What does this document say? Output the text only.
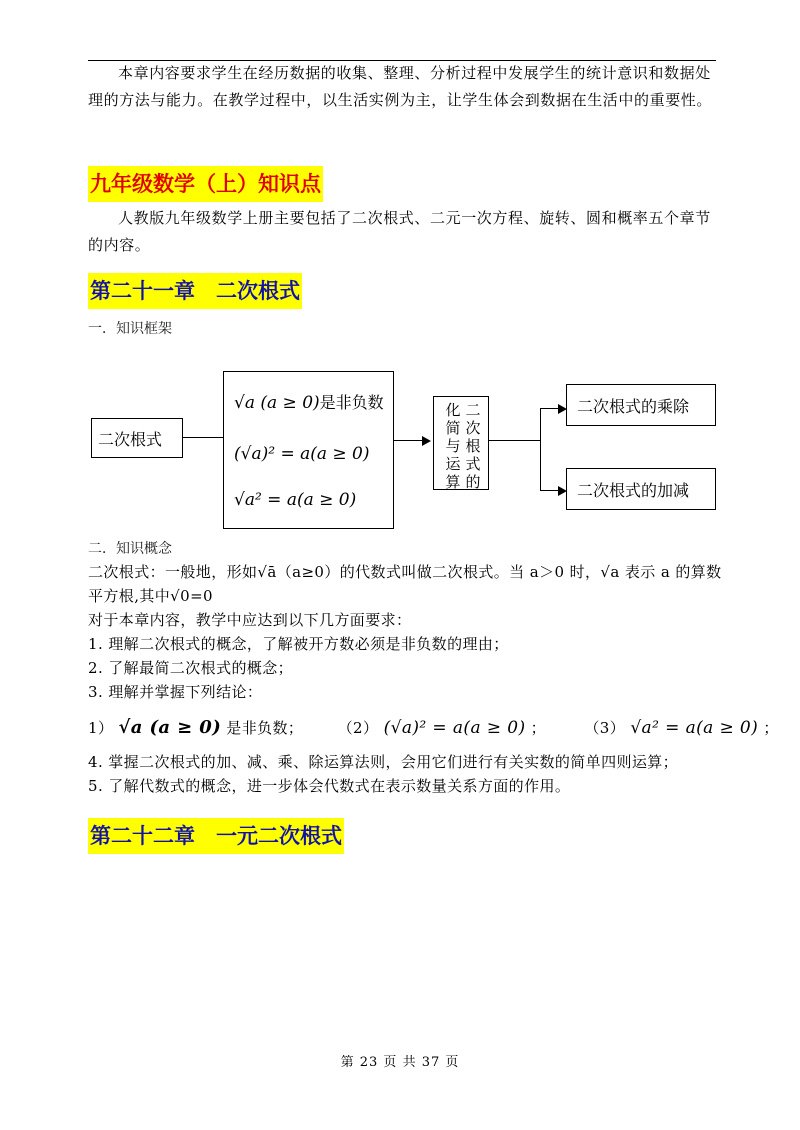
本章内容要求学生在经历数据的收集、整理、分析过程中发展学生的统计意识和数据处理的方法与能力。在教学过程中，以生活实例为主，让学生体会到数据在生活中的重要性。
九年级数学（上）知识点
人教版九年级数学上册主要包括了二次根式、二元一次方程、旋转、圆和概率五个章节的内容。
第二十一章　二次根式
一．知识框架
二次根式
√a (a ≥ 0)是非负数
(√a)² = a(a ≥ 0)
√a² = a(a ≥ 0)
化简与运算
二次根式的
二次根式的乘除
二次根式的加减
二．知识概念
二次根式：一般地，形如√ā（a≥0）的代数式叫做二次根式。当 a＞0 时，√a 表示 a 的算数
平方根,其中√0=0
对于本章内容，教学中应达到以下几方面要求：
1. 理解二次根式的概念，了解被开方数必须是非负数的理由；
2. 了解最简二次根式的概念；
3. 理解并掌握下列结论：
1） √a (a ≥ 0) 是非负数； （2） (√a)² = a(a ≥ 0) ；	（3） √a² = a(a ≥ 0) ；
4. 掌握二次根式的加、减、乘、除运算法则，会用它们进行有关实数的简单四则运算；
5. 了解代数式的概念，进一步体会代数式在表示数量关系方面的作用。
第二十二章　一元二次根式
第 23 页 共 37 页
